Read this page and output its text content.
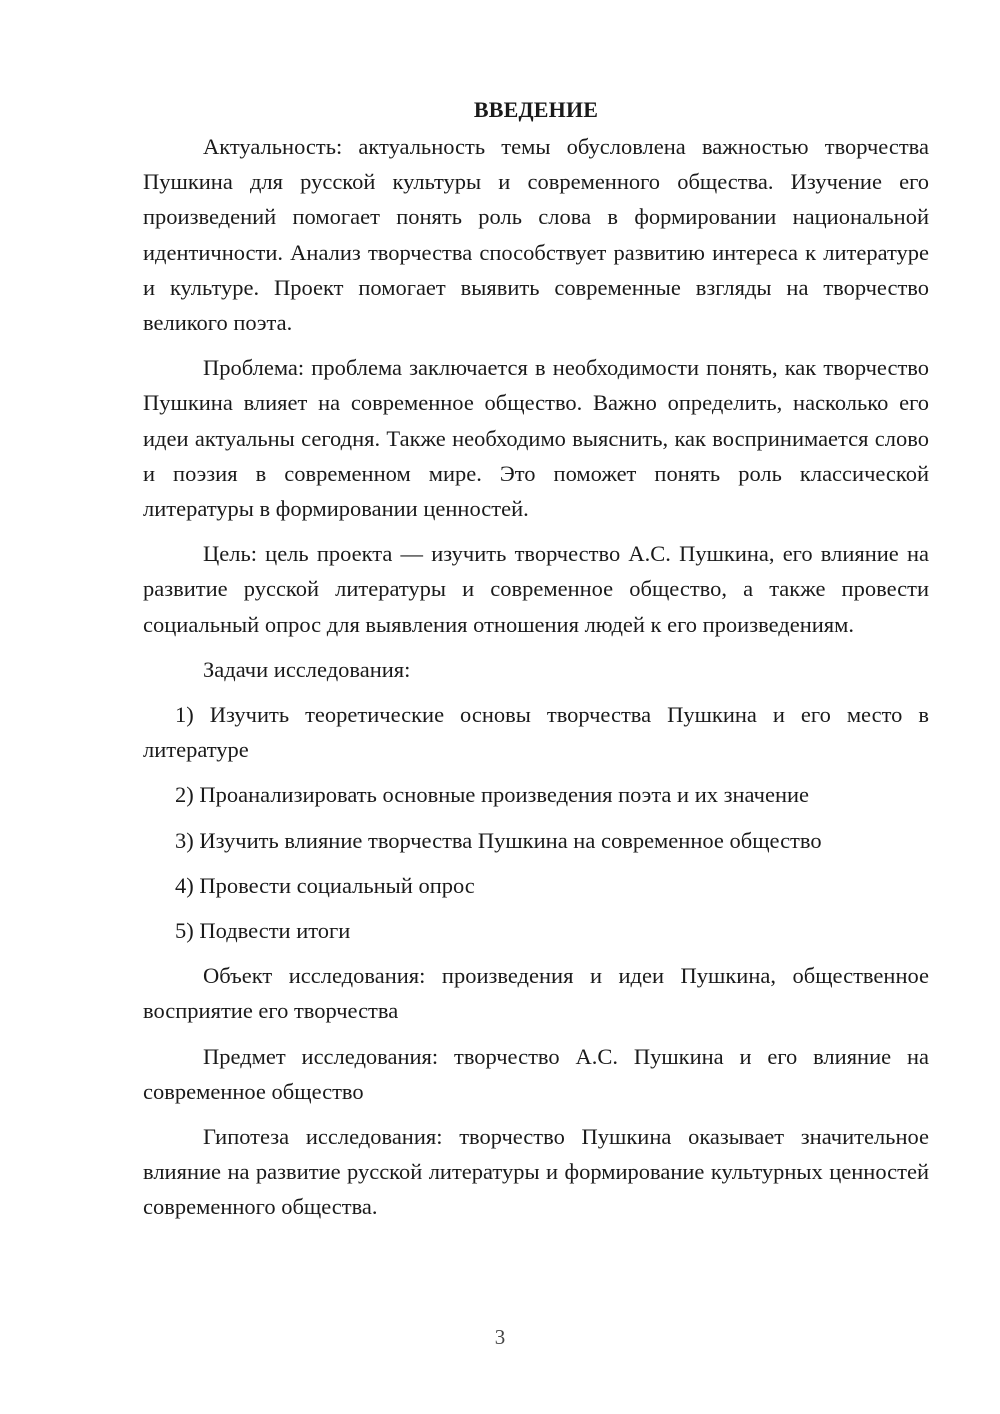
ВВЕДЕНИЕ

Актуальность: актуальность темы обусловлена важностью творчества Пушкина для русской культуры и современного общества. Изучение его произведений помогает понять роль слова в формировании национальной идентичности. Анализ творчества способствует развитию интереса к литературе и культуре. Проект помогает выявить современные взгляды на творчество великого поэта.

Проблема: проблема заключается в необходимости понять, как творчество Пушкина влияет на современное общество. Важно определить, насколько его идеи актуальны сегодня. Также необходимо выяснить, как воспринимается слово и поэзия в современном мире. Это поможет понять роль классической литературы в формировании ценностей.

Цель: цель проекта — изучить творчество А.С. Пушкина, его влияние на развитие русской литературы и современное общество, а также провести социальный опрос для выявления отношения людей к его произведениям.

Задачи исследования:

1) Изучить теоретические основы творчества Пушкина и его место в литературе

2) Проанализировать основные произведения поэта и их значение

3) Изучить влияние творчества Пушкина на современное общество

4) Провести социальный опрос

5) Подвести итоги

Объект исследования: произведения и идеи Пушкина, общественное восприятие его творчества

Предмет исследования: творчество А.С. Пушкина и его влияние на современное общество

Гипотеза исследования: творчество Пушкина оказывает значительное влияние на развитие русской литературы и формирование культурных ценностей современного общества.

3
